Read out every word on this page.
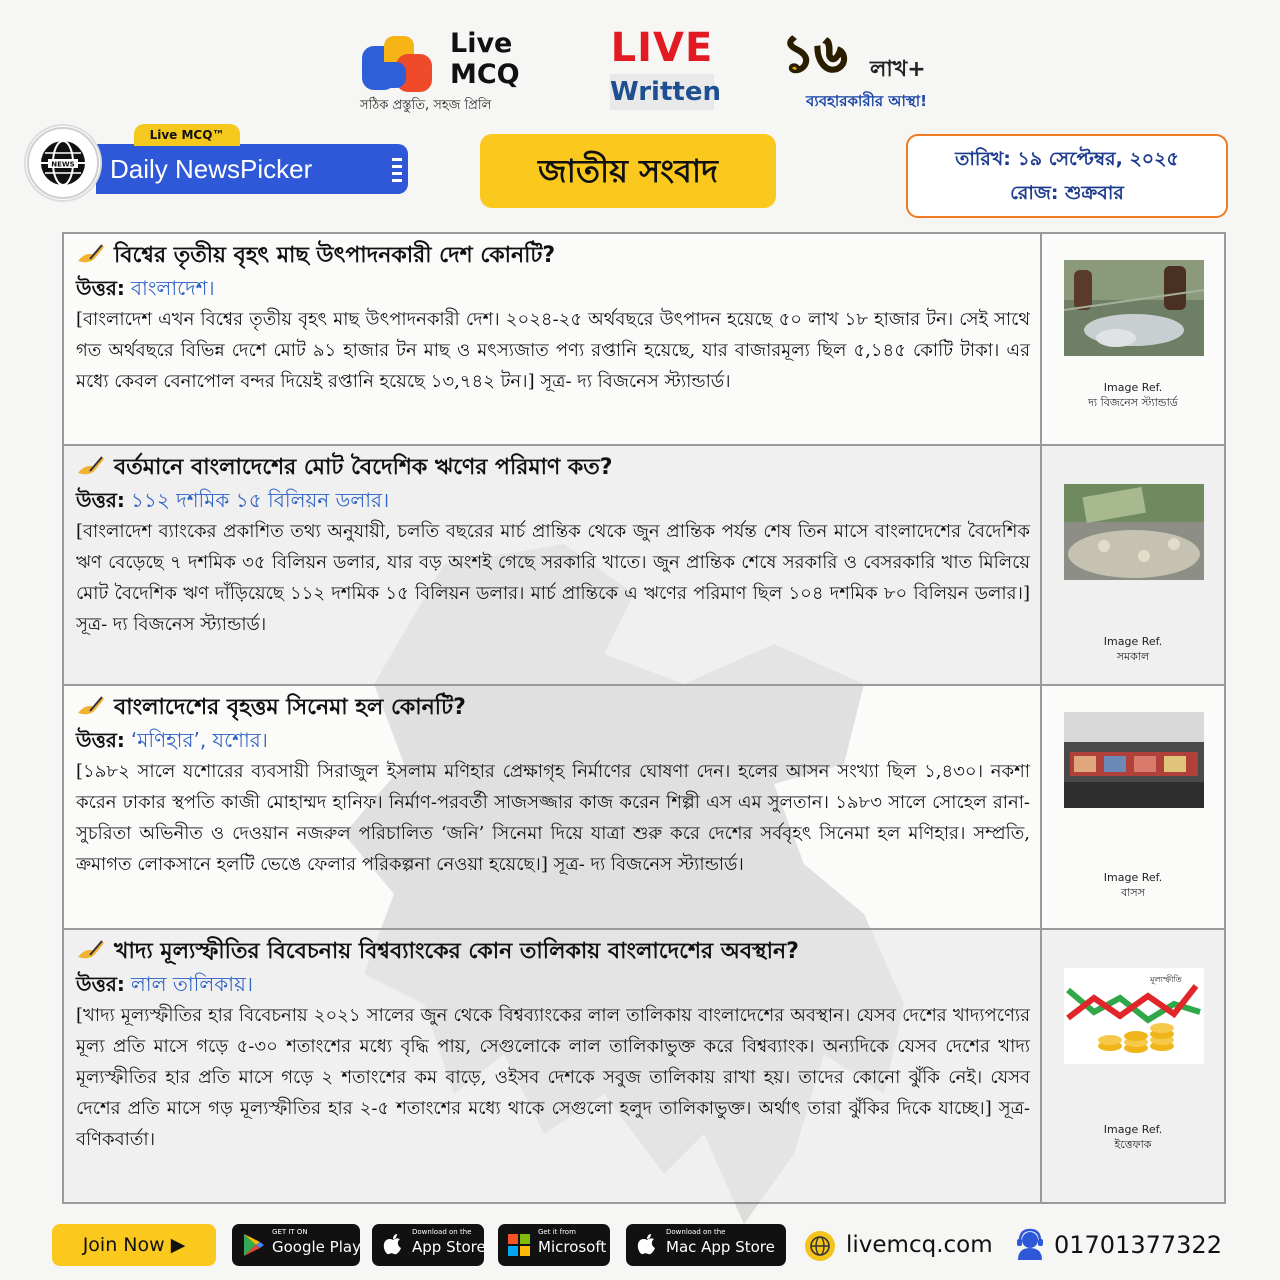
Live
MCQ
সঠিক প্রস্তুতি, সহজ প্রিলি
LIVE
Written
১৬ লাখ+
ব্যবহারকারীর আস্থা!
Daily NewsPicker
Live MCQ™
NEWS	জাতীয় সংবাদ	তারিখ: ১৯ সেপ্টেম্বর, ২০২৫
রোজ: শুক্রবার
বিশ্বের তৃতীয় বৃহৎ মাছ উৎপাদনকারী দেশ কোনটি?
উত্তর: বাংলাদেশ।
[বাংলাদেশ এখন বিশ্বের তৃতীয় বৃহৎ মাছ উৎপাদনকারী দেশ। ২০২৪-২৫ অর্থবছরে উৎপাদন হয়েছে ৫০ লাখ ১৮ হাজার টন। সেই সাথে গত অর্থবছরে বিভিন্ন দেশে মোট ৯১ হাজার টন মাছ ও মৎস্যজাত পণ্য রপ্তানি হয়েছে, যার বাজারমূল্য ছিল ৫,১৪৫ কোটি টাকা। এর মধ্যে কেবল বেনাপোল বন্দর দিয়েই রপ্তানি হয়েছে ১৩,৭৪২ টন।] সূত্র- দ্য বিজনেস স্ট্যান্ডার্ড।	Image Ref.
দ্য বিজনেস স্ট্যান্ডার্ড
বর্তমানে বাংলাদেশের মোট বৈদেশিক ঋণের পরিমাণ কত?
উত্তর: ১১২ দশমিক ১৫ বিলিয়ন ডলার।
[বাংলাদেশ ব্যাংকের প্রকাশিত তথ্য অনুযায়ী, চলতি বছরের মার্চ প্রান্তিক থেকে জুন প্রান্তিক পর্যন্ত শেষ তিন মাসে বাংলাদেশের বৈদেশিক ঋণ বেড়েছে ৭ দশমিক ৩৫ বিলিয়ন ডলার, যার বড় অংশই গেছে সরকারি খাতে। জুন প্রান্তিক শেষে সরকারি ও বেসরকারি খাত মিলিয়ে মোট বৈদেশিক ঋণ দাঁড়িয়েছে ১১২ দশমিক ১৫ বিলিয়ন ডলার। মার্চ প্রান্তিকে এ ঋণের পরিমাণ ছিল ১০৪ দশমিক ৮০ বিলিয়ন ডলার।] সূত্র- দ্য বিজনেস স্ট্যান্ডার্ড।
Image Ref.
সমকাল
বাংলাদেশের বৃহত্তম সিনেমা হল কোনটি?
উত্তর: ‘মণিহার’, যশোর।
[১৯৮২ সালে যশোরের ব্যবসায়ী সিরাজুল ইসলাম মণিহার প্রেক্ষাগৃহ নির্মাণের ঘোষণা দেন। হলের আসন সংখ্যা ছিল ১,৪৩০। নকশা করেন ঢাকার স্থপতি কাজী মোহাম্মদ হানিফ। নির্মাণ-পরবর্তী সাজসজ্জার কাজ করেন শিল্পী এস এম সুলতান। ১৯৮৩ সালে সোহেল রানা-সুচরিতা অভিনীত ও দেওয়ান নজরুল পরিচালিত ‘জনি’ সিনেমা দিয়ে যাত্রা শুরু করে দেশের সর্ববৃহৎ সিনেমা হল মণিহার। সম্প্রতি, ক্রমাগত লোকসানে হলটি ভেঙে ফেলার পরিকল্পনা নেওয়া হয়েছে।] সূত্র- দ্য বিজনেস স্ট্যান্ডার্ড।
Image Ref.
বাসস
খাদ্য মূল্যস্ফীতির বিবেচনায় বিশ্বব্যাংকের কোন তালিকায় বাংলাদেশের অবস্থান?
উত্তর: লাল তালিকায়।
[খাদ্য মূল্যস্ফীতির হার বিবেচনায় ২০২১ সালের জুন থেকে বিশ্বব্যাংকের লাল তালিকায় বাংলাদেশের অবস্থান। যেসব দেশের খাদ্যপণ্যের মূল্য প্রতি মাসে গড়ে ৫-৩০ শতাংশের মধ্যে বৃদ্ধি পায়, সেগুলোকে লাল তালিকাভুক্ত করে বিশ্বব্যাংক। অন্যদিকে যেসব দেশের খাদ্য মূল্যস্ফীতির হার প্রতি মাসে গড়ে ২ শতাংশের কম বাড়ে, ওইসব দেশকে সবুজ তালিকায় রাখা হয়। তাদের কোনো ঝুঁকি নেই। যেসব দেশের প্রতি মাসে গড় মূল্যস্ফীতির হার ২-৫ শতাংশের মধ্যে থাকে সেগুলো হলুদ তালিকাভুক্ত। অর্থাৎ তারা ঝুঁকির দিকে যাচ্ছে।] সূত্র- বণিকবার্তা।
মূল্যস্ফীতি
Image Ref.
ইত্তেফাক
Join Now ▶
GET IT ON
Google Play
Download on the
App Store
Get it from
Microsoft
Download on the
Mac App Store	livemcq.com	01701377322
